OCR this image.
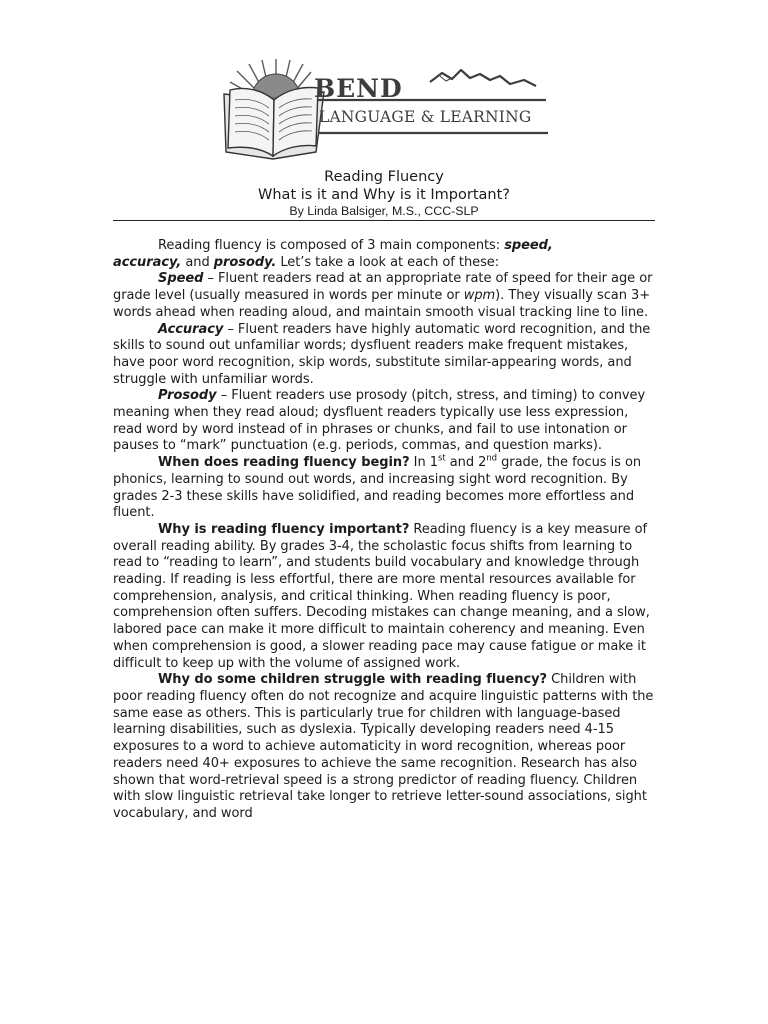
BEND
LANGUAGE & LEARNING
Reading Fluency
What is it and Why is it Important?
By Linda Balsiger, M.S., CCC-SLP

Reading fluency is composed of 3 main components: speed,
accuracy, and prosody. Let’s take a look at each of these:

Speed – Fluent readers read at an appropriate rate of speed for their age or grade level (usually measured in words per minute or wpm). They visually scan 3+ words ahead when reading aloud, and maintain smooth visual tracking line to line.

Accuracy – Fluent readers have highly automatic word recognition, and the skills to sound out unfamiliar words; dysfluent readers make frequent mistakes, have poor word recognition, skip words, substitute similar-appearing words, and struggle with unfamiliar words.

Prosody – Fluent readers use prosody (pitch, stress, and timing) to convey meaning when they read aloud; dysfluent readers typically use less expression, read word by word instead of in phrases or chunks, and fail to use intonation or pauses to “mark” punctuation (e.g. periods, commas, and question marks).

When does reading fluency begin? In 1st and 2nd grade, the focus is on phonics, learning to sound out words, and increasing sight word recognition. By grades 2-3 these skills have solidified, and reading becomes more effortless and fluent.

Why is reading fluency important? Reading fluency is a key measure of overall reading ability. By grades 3-4, the scholastic focus shifts from learning to read to “reading to learn”, and students build vocabulary and knowledge through reading. If reading is less effortful, there are more mental resources available for comprehension, analysis, and critical thinking. When reading fluency is poor, comprehension often suffers. Decoding mistakes can change meaning, and a slow, labored pace can make it more difficult to maintain coherency and meaning. Even when comprehension is good, a slower reading pace may cause fatigue or make it difficult to keep up with the volume of assigned work.

Why do some children struggle with reading fluency? Children with poor reading fluency often do not recognize and acquire linguistic patterns with the same ease as others. This is particularly true for children with language-based learning disabilities, such as dyslexia. Typically developing readers need 4-15 exposures to a word to achieve automaticity in word recognition, whereas poor readers need 40+ exposures to achieve the same recognition. Research has also shown that word-retrieval speed is a strong predictor of reading fluency. Children with slow linguistic retrieval take longer to retrieve letter-sound associations, sight vocabulary, and word
